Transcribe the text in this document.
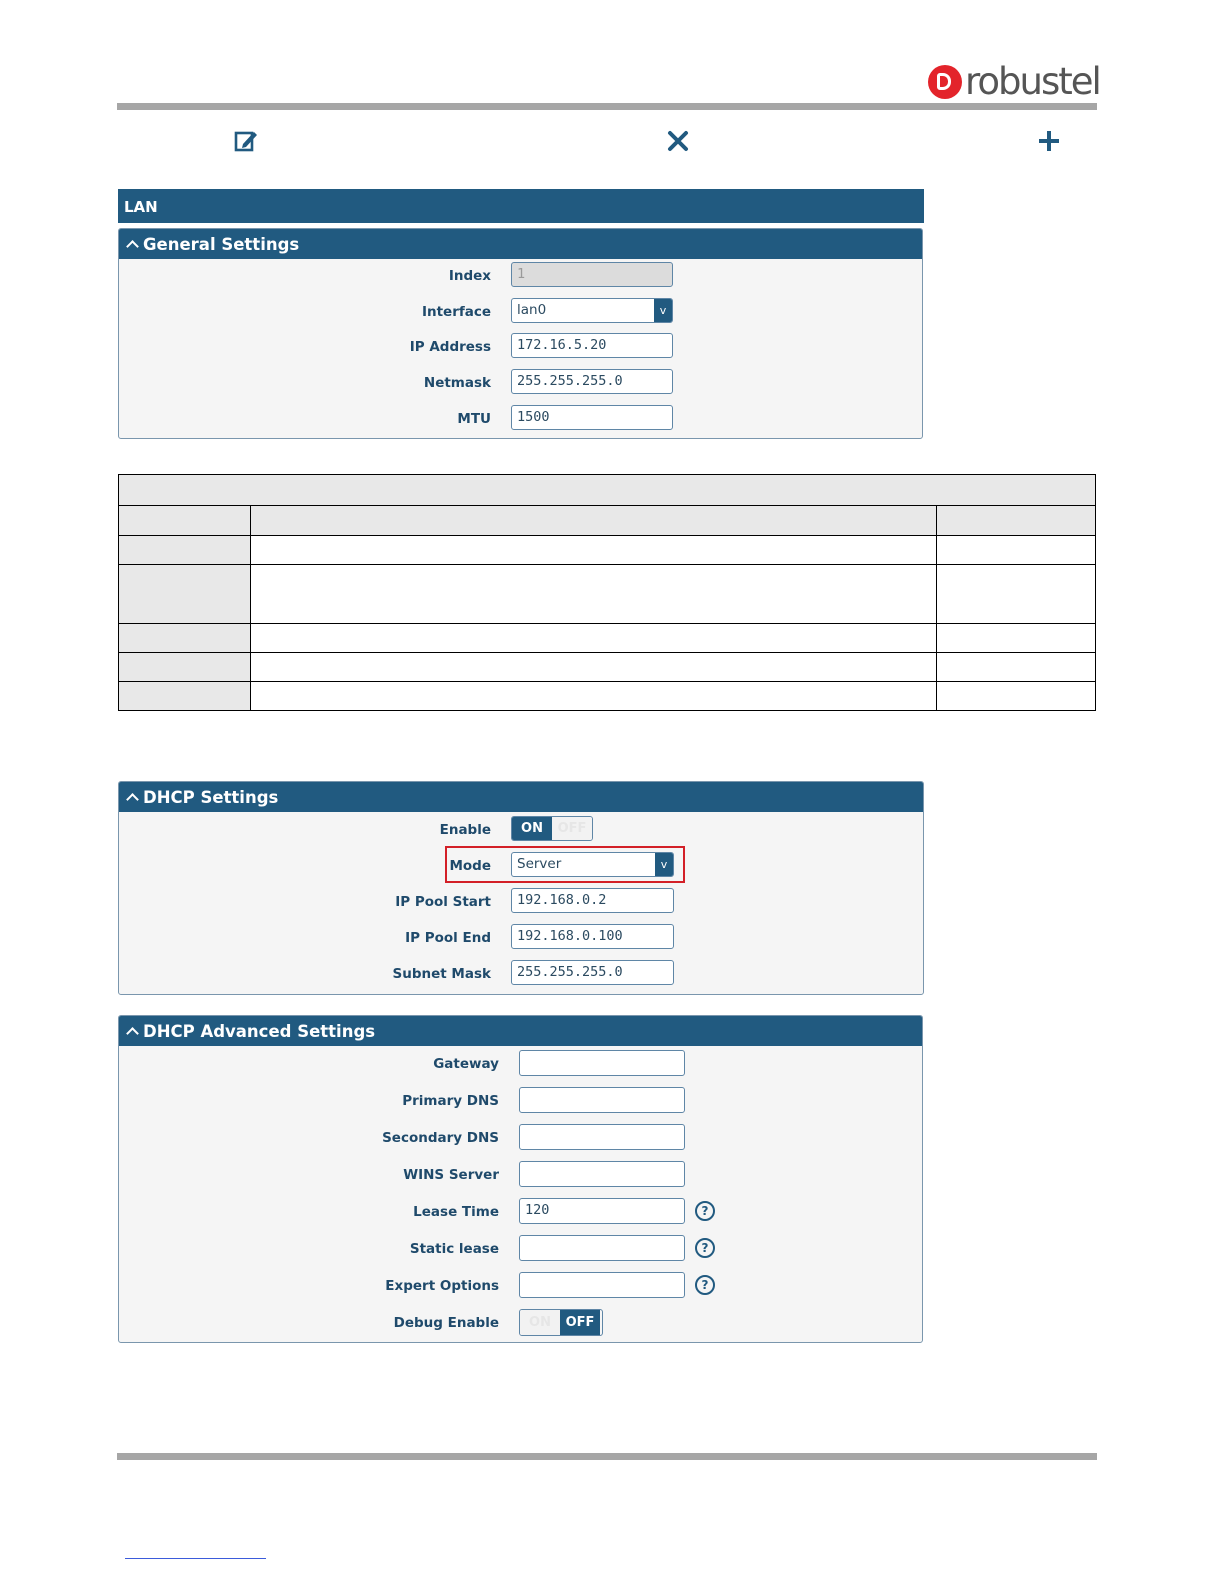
robustel
LAN
General Settings
Index	1
Interface	lan0	v
IP Address	172.16.5.20
Netmask	255.255.255.0
MTU	1500

DHCP Settings
Enable	ON	OFF
Mode	Server	v
IP Pool Start	192.168.0.2
IP Pool End	192.168.0.100
Subnet Mask	255.255.255.0
DHCP Advanced Settings
Gateway
Primary DNS
Secondary DNS
WINS Server
Lease Time	120	?
Static lease	?
Expert Options	?
Debug Enable	ON	OFF
